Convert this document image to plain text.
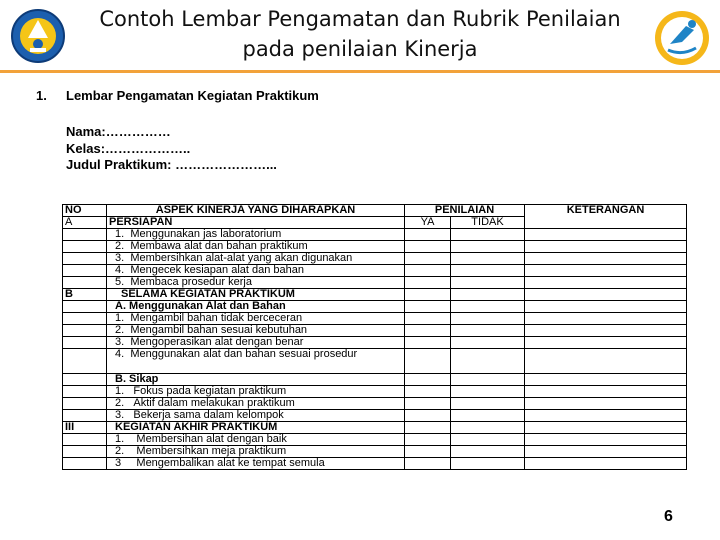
Contoh Lembar Pengamatan dan Rubrik Penilaian
pada penilaian Kinerja
1.	Lembar Pengamatan Kegiatan Praktikum
Nama:……………
Kelas:………………..
Judul Praktikum: …………………...
NO	ASPEK KINERJA YANG DIHARAPKAN	PENILAIAN		KETERANGAN
A	PERSIAPAN	YA	TIDAK	
	1. Menggunakan jas laboratorium			
	2. Membawa alat dan bahan praktikum			
	3. Membersihkan alat-alat yang akan digunakan			
	4. Mengecek kesiapan alat dan bahan			
	5. Membaca prosedur kerja			
B	SELAMA KEGIATAN PRAKTIKUM			
	A. Menggunakan Alat dan Bahan			
	1. Mengambil bahan tidak berceceran			
	2. Mengambil bahan sesuai kebutuhan			
	3. Mengoperasikan alat dengan benar			
	4. Menggunakan alat dan bahan sesuai prosedur			
	B. Sikap			
	1. Fokus pada kegiatan praktikum			
	2. Aktif dalam melakukan praktikum			
	3. Bekerja sama dalam kelompok			
III	KEGIATAN AKHIR PRAKTIKUM			
	1. Membersihan alat dengan baik			
	2. Membersihkan meja praktikum			
	3 Mengembalikan alat ke tempat semula			
6
